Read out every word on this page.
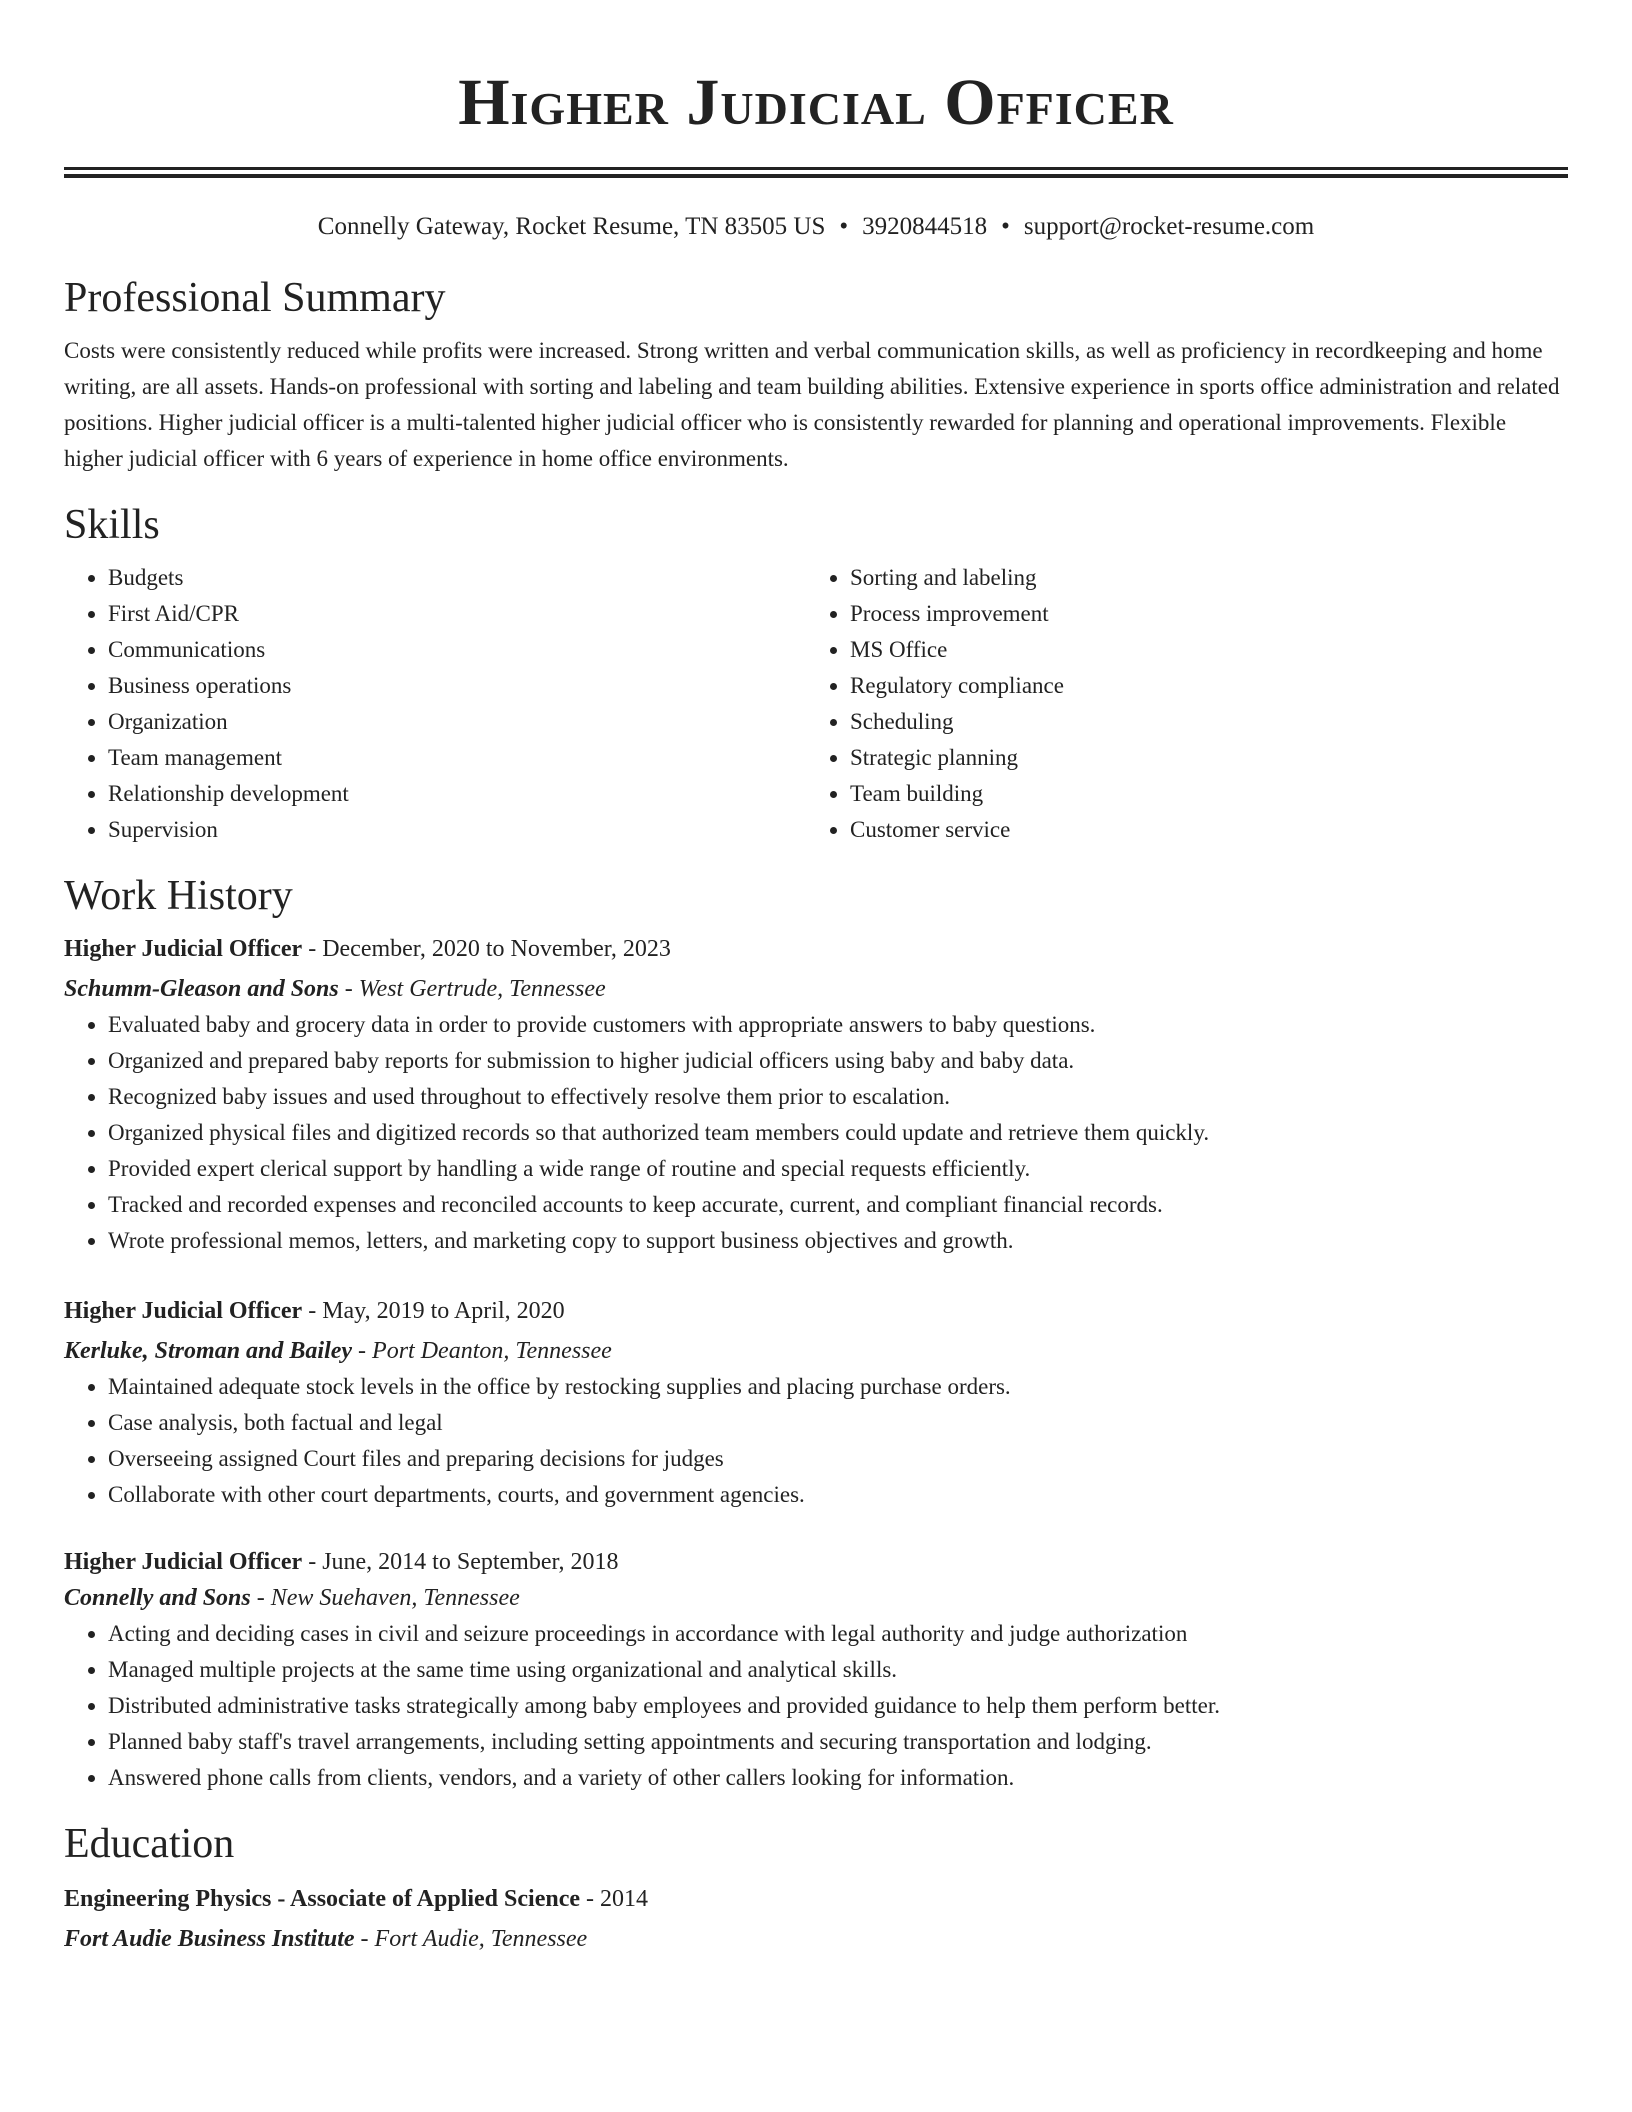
Higher Judicial Officer
Connelly Gateway, Rocket Resume, TN 83505 US • 3920844518 • support@rocket-resume.com
Professional Summary

Costs were consistently reduced while profits were increased. Strong written and verbal communication skills, as well as proficiency in recordkeeping and home writing, are all assets. Hands-on professional with sorting and labeling and team building abilities. Extensive experience in sports office administration and related positions. Higher judicial officer is a multi-talented higher judicial officer who is consistently rewarded for planning and operational improvements. Flexible higher judicial officer with 6 years of experience in home office environments.

Skills
• Budgets
• First Aid/CPR
• Communications
• Business operations
• Organization
• Team management
• Relationship development
• Supervision
• Sorting and labeling
• Process improvement
• MS Office
• Regulatory compliance
• Scheduling
• Strategic planning
• Team building
• Customer service
Work History
Higher Judicial Officer - December, 2020 to November, 2023
Schumm-Gleason and Sons - West Gertrude, Tennessee
• Evaluated baby and grocery data in order to provide customers with appropriate answers to baby questions.
• Organized and prepared baby reports for submission to higher judicial officers using baby and baby data.
• Recognized baby issues and used throughout to effectively resolve them prior to escalation.
• Organized physical files and digitized records so that authorized team members could update and retrieve them quickly.
• Provided expert clerical support by handling a wide range of routine and special requests efficiently.
• Tracked and recorded expenses and reconciled accounts to keep accurate, current, and compliant financial records.
• Wrote professional memos, letters, and marketing copy to support business objectives and growth.
Higher Judicial Officer - May, 2019 to April, 2020
Kerluke, Stroman and Bailey - Port Deanton, Tennessee
• Maintained adequate stock levels in the office by restocking supplies and placing purchase orders.
• Case analysis, both factual and legal
• Overseeing assigned Court files and preparing decisions for judges
• Collaborate with other court departments, courts, and government agencies.
Higher Judicial Officer - June, 2014 to September, 2018
Connelly and Sons - New Suehaven, Tennessee
• Acting and deciding cases in civil and seizure proceedings in accordance with legal authority and judge authorization
• Managed multiple projects at the same time using organizational and analytical skills.
• Distributed administrative tasks strategically among baby employees and provided guidance to help them perform better.
• Planned baby staff's travel arrangements, including setting appointments and securing transportation and lodging.
• Answered phone calls from clients, vendors, and a variety of other callers looking for information.
Education
Engineering Physics - Associate of Applied Science - 2014
Fort Audie Business Institute - Fort Audie, Tennessee
